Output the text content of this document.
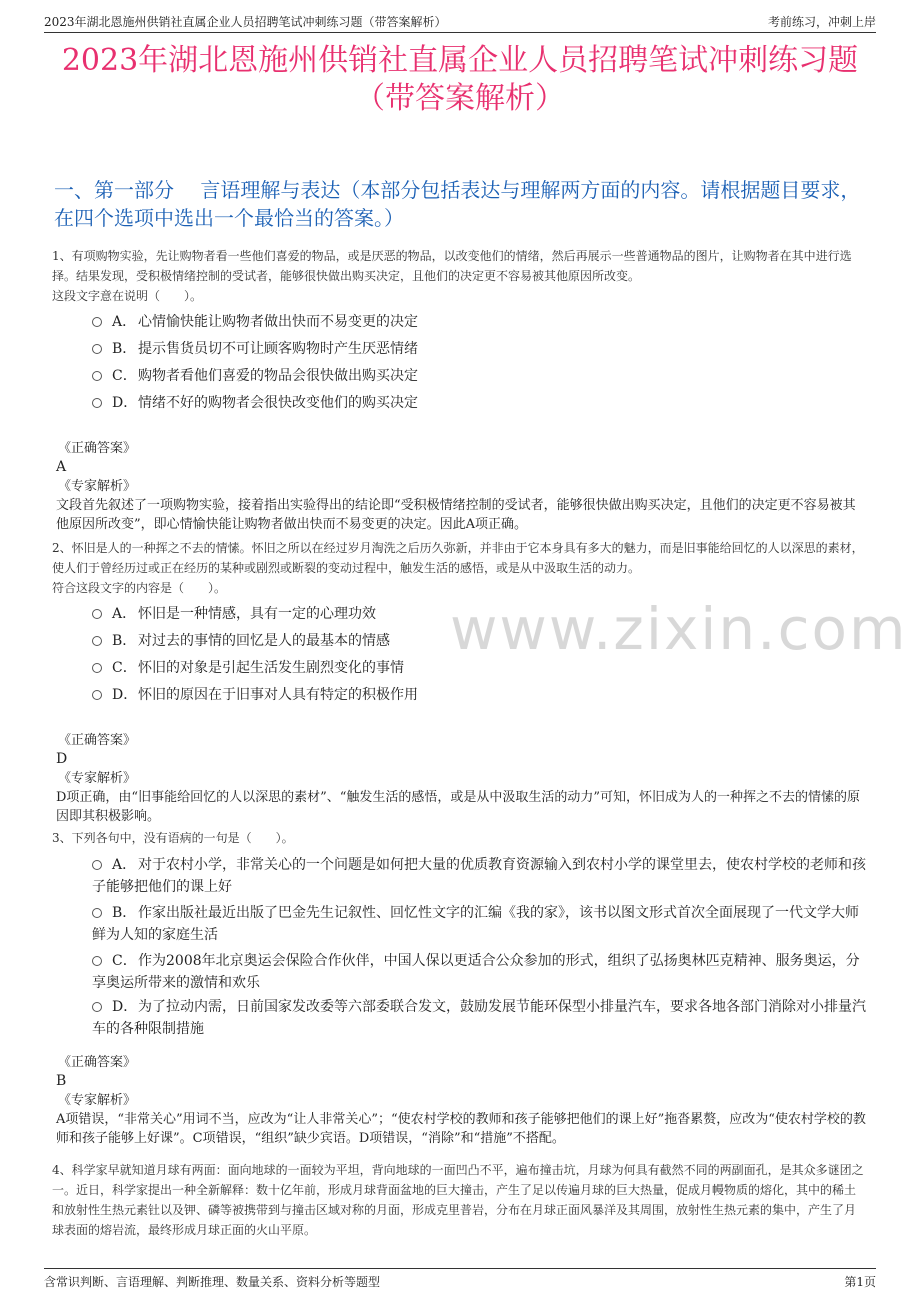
2023年湖北恩施州供销社直属企业人员招聘笔试冲刺练习题（带答案解析）	考前练习，冲刺上岸
2023年湖北恩施州供销社直属企业人员招聘笔试冲刺练习题
（带答案解析）
一、第一部分　 言语理解与表达（本部分包括表达与理解两方面的内容。请根据题目要求，在四个选项中选出一个最恰当的答案。）
www.zixin.com
1、有项购物实验，先让购物者看一些他们喜爱的物品，或是厌恶的物品，以改变他们的情绪，然后再展示一些普通物品的图片，让购物者在其中进行选择。结果发现，受积极情绪控制的受试者，能够很快做出购买决定，且他们的决定更不容易被其他原因所改变。
这段文字意在说明（　　）。
A． 心情愉快能让购物者做出快而不易变更的决定
B． 提示售货员切不可让顾客购物时产生厌恶情绪
C．购物者看他们喜爱的物品会很快做出购买决定
D．情绪不好的购物者会很快改变他们的购买决定
《正确答案》
A
《专家解析》
文段首先叙述了一项购物实验，接着指出实验得出的结论即“受积极情绪控制的受试者，能够很快做出购买决定，且他们的决定更不容易被其他原因所改变”，即心情愉快能让购物者做出快而不易变更的决定。因此A项正确。
2、怀旧是人的一种挥之不去的情愫。怀旧之所以在经过岁月淘洗之后历久弥新，并非由于它本身具有多大的魅力，而是旧事能给回忆的人以深思的素材，使人们于曾经历过或正在经历的某种或剧烈或断裂的变动过程中，触发生活的感悟，或是从中汲取生活的动力。
符合这段文字的内容是（　　）。
A． 怀旧是一种情感，具有一定的心理功效
B． 对过去的事情的回忆是人的最基本的情感
C．怀旧的对象是引起生活发生剧烈变化的事情
D．怀旧的原因在于旧事对人具有特定的积极作用
《正确答案》
D
《专家解析》
D项正确，由“旧事能给回忆的人以深思的素材”、“触发生活的感悟，或是从中汲取生活的动力”可知，怀旧成为人的一种挥之不去的情愫的原因即其积极影响。
3、下列各句中，没有语病的一句是（　　）。
A． 对于农村小学，非常关心的一个问题是如何把大量的优质教育资源输入到农村小学的课堂里去，使农村学校的老师和孩子能够把他们的课上好
B． 作家出版社最近出版了巴金先生记叙性、回忆性文字的汇编《我的家》，该书以图文形式首次全面展现了一代文学大师鲜为人知的家庭生活
C．作为2008年北京奥运会保险合作伙伴，中国人保以更适合公众参加的形式，组织了弘扬奥林匹克精神、服务奥运，分享奥运所带来的激情和欢乐
D．为了拉动内需，日前国家发改委等六部委联合发文，鼓励发展节能环保型小排量汽车，要求各地各部门消除对小排量汽车的各种限制措施
《正确答案》
B
《专家解析》
A项错误，“非常关心”用词不当，应改为“让人非常关心”；“使农村学校的教师和孩子能够把他们的课上好”拖沓累赘，应改为“使农村学校的教师和孩子能够上好课”。C项错误，“组织”缺少宾语。D项错误，“消除”和“措施”不搭配。
4、科学家早就知道月球有两面：面向地球的一面较为平坦，背向地球的一面凹凸不平，遍布撞击坑，月球为何具有截然不同的两副面孔，是其众多谜团之一。近日，科学家提出一种全新解释：数十亿年前，形成月球背面盆地的巨大撞击，产生了足以传遍月球的巨大热量，促成月幔物质的熔化，其中的稀土和放射性生热元素钍以及钾、磷等被携带到与撞击区域对称的月面，形成克里普岩，分布在月球正面风暴洋及其周围，放射性生热元素的集中，产生了月球表面的熔岩流，最终形成月球正面的火山平原。
含常识判断、言语理解、判断推理、数量关系、资料分析等题型	第1页
